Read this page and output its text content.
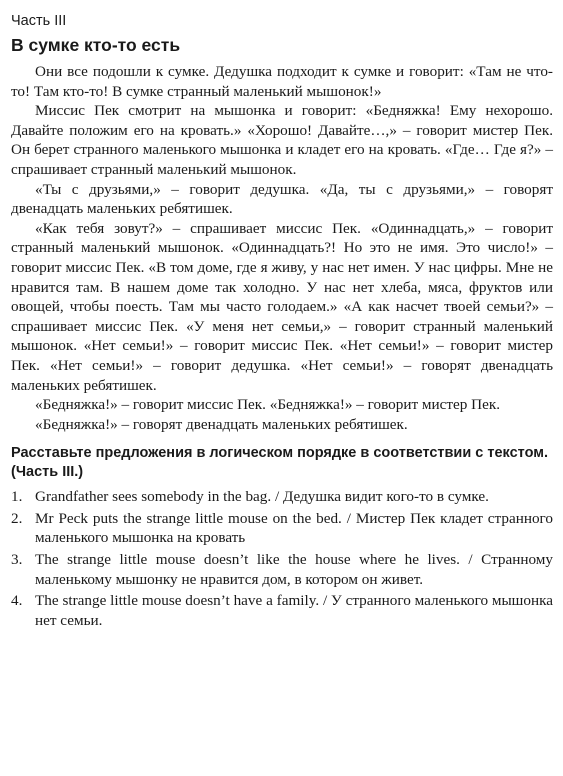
Часть III
В сумке кто-то есть

Они все подошли к сумке. Дедушка подходит к сумке и говорит: «Там не что-то! Там кто-то! В сумке странный маленький мышонок!»

Миссис Пек смотрит на мышонка и говорит: «Бедняжка! Ему нехорошо. Давайте положим его на кровать.» «Хорошо! Давайте…,» – говорит мистер Пек. Он берет странного маленького мышонка и кладет его на кровать. «Где… Где я?» – спрашивает странный маленький мышонок.

«Ты с друзьями,» – говорит дедушка. «Да, ты с друзьями,» – говорят двенадцать маленьких ребятишек.

«Как тебя зовут?» – спрашивает миссис Пек. «Одиннадцать,» – говорит странный маленький мышонок. «Одиннадцать?! Но это не имя. Это число!» – говорит миссис Пек. «В том доме, где я живу, у нас нет имен. У нас цифры. Мне не нравится там. В нашем доме так холодно. У нас нет хлеба, мяса, фруктов или овощей, чтобы поесть. Там мы часто голодаем.» «А как насчет твоей семьи?» – спрашивает миссис Пек. «У меня нет семьи,» – говорит странный маленький мышонок. «Нет семьи!» – говорит миссис Пек. «Нет семьи!» – говорит мистер Пек. «Нет семьи!» – говорит дедушка. «Нет семьи!» – говорят двенадцать маленьких ребятишек.

«Бедняжка!» – говорит миссис Пек. «Бедняжка!» – говорит мистер Пек.

«Бедняжка!» – говорят двенадцать маленьких ребятишек.

Расставьте предложения в логическом порядке в соответствии с текстом. (Часть III.)
1. Grandfather sees somebody in the bag. / Дедушка видит кого-то в сумке.
2. Mr Peck puts the strange little mouse on the bed. / Мистер Пек кладет странного маленького мышонка на кровать
3. The strange little mouse doesn’t like the house where he lives. / Странному маленькому мышонку не нравится дом, в котором он живет.
4. The strange little mouse doesn’t have a family. / У странного маленького мышонка нет семьи.
